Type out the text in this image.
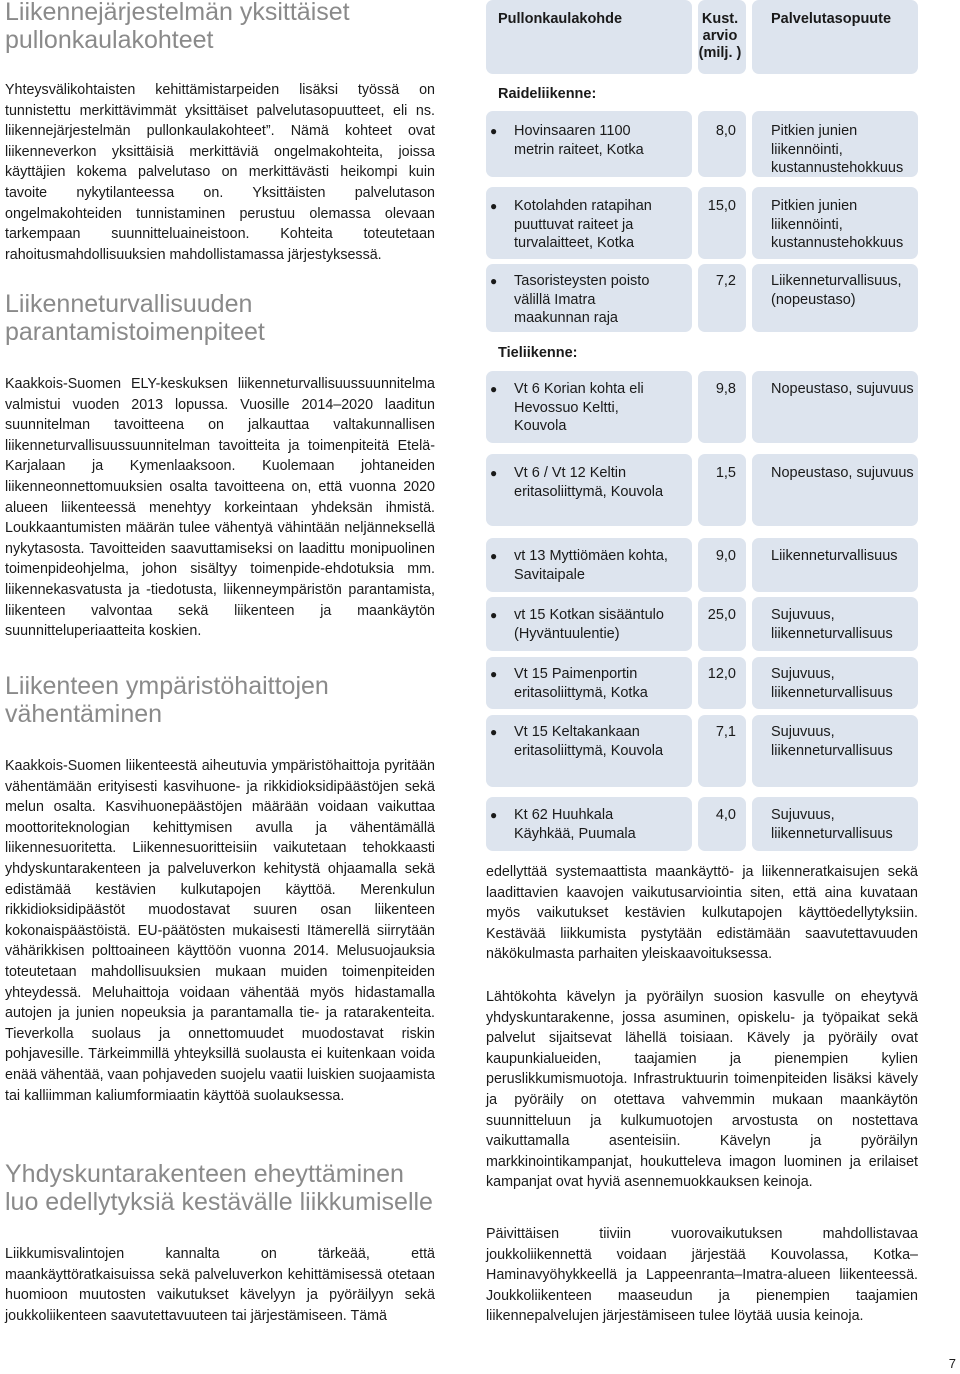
Liikennejärjestelmän yksittäiset pullonkaulakohteet

Yhteysvälikohtaisten kehittämistarpeiden lisäksi työssä on tunnistettu merkittävimmät yksittäiset palvelutasopuutteet, eli ns. liikennejärjestelmän pullonkaulakohteet”. Nämä kohteet ovat liikenneverkon yksittäisiä merkittäviä ongelmakohteita, joissa käyttäjien kokema palvelutaso on merkittävästi heikompi kuin tavoite nykytilanteessa on. Yksittäisten palvelutason ongelmakohteiden tunnistaminen perustuu olemassa olevaan tarkempaan suunnitteluaineistoon. Kohteita toteutetaan rahoitusmahdollisuuksien mahdollistamassa järjestyksessä.

Liikenneturvallisuuden parantamistoimenpiteet

Kaakkois-Suomen ELY-keskuksen liikenneturvallisuussuunnitelma valmistui vuoden 2013 lopussa. Vuosille 2014–2020 laaditun suunnitelman tavoitteena on jalkauttaa valtakunnallisen liikenneturvallisuussuunnitelman tavoitteita ja toimenpiteitä Etelä-Karjalaan ja Kymenlaaksoon. Kuolemaan johtaneiden liikenneonnettomuuksien osalta tavoitteena on, että vuonna 2020 alueen liikenteessä menehtyy korkeintaan yhdeksän ihmistä. Loukkaantumisten määrän tulee vähentyä vähintään neljänneksellä nykytasosta. Tavoitteiden saavuttamiseksi on laadittu monipuolinen toimenpideohjelma, johon sisältyy toimenpide-ehdotuksia mm. liikennekasvatusta ja -tiedotusta, liikenneympäristön parantamista, liikenteen valvontaa sekä liikenteen ja maankäytön suunnitteluperiaatteita koskien.

Liikenteen ympäristöhaittojen vähentäminen

Kaakkois-Suomen liikenteestä aiheutuvia ympäristöhaittoja pyritään vähentämään erityisesti kasvihuone- ja rikkidioksidipäästöjen sekä melun osalta. Kasvihuonepäästöjen määrään voidaan vaikuttaa moottoriteknologian kehittymisen avulla ja vähentämällä liikennesuoritetta. Liikennesuoritteisiin vaikutetaan tehokkaasti yhdyskuntarakenteen ja palveluverkon kehitystä ohjaamalla sekä edistämää kestävien kulkutapojen käyttöä. Merenkulun rikkidioksidipäästöt muodostavat suuren osan liikenteen kokonaispäästöistä. EU-päätösten mukaisesti Itämerellä siirrytään vähärikkisen polttoaineen käyttöön vuonna 2014. Melusuojauksia toteutetaan mahdollisuuksien mukaan muiden toimenpiteiden yhteydessä. Meluhaittoja voidaan vähentää myös hidastamalla autojen ja junien nopeuksia ja parantamalla tie- ja ratarakenteita. Tieverkolla suolaus ja onnettomuudet muodostavat riskin pohjavesille. Tärkeimmillä yhteyksillä suolausta ei kuitenkaan voida enää vähentää, vaan pohjaveden suojelu vaatii luiskien suojaamista tai kalliimman kaliumformiaatin käyttöä suolauksessa.

Yhdyskuntarakenteen eheyttäminen luo edellytyksiä kestävälle liikkumiselle

Liikkumisvalintojen kannalta on tärkeää, että maankäyttöratkaisuissa sekä palveluverkon kehittämisessä otetaan huomioon muutosten vaikutukset kävelyyn ja pyöräilyyn sekä joukkoliikenteen saavutettavuuteen tai järjestämiseen. Tämä

Pullonkaulakohde	Kust. arvio (milj. )
Palvelutasopuute
Raideliikenne:
● Hovinsaaren 1100 metrin raiteet, Kotka
8,0 Pitkien junien liikennöinti, kustannustehokkuus
● Kotolahden ratapihan puuttuvat raiteet ja turvalaitteet, Kotka
15,0 Pitkien junien liikennöinti, kustannustehokkuus
● Tasoristeysten poisto välillä Imatra maakunnan raja
7,2 Liikenneturvallisuus, (nopeustaso)
Tieliikenne:
● Vt 6 Korian kohta eli Hevossuo Keltti, Kouvola
9,8 Nopeustaso, sujuvuus
● Vt 6 / Vt 12 Keltin eritasoliittymä, Kouvola
1,5 Nopeustaso, sujuvuus
● vt 13 Myttiömäen kohta, Savitaipale
9,0 Liikenneturvallisuus
● vt 15 Kotkan sisääntulo (Hyväntuulentie)
25,0 Sujuvuus, liikenneturvallisuus
● Vt 15 Paimenportin eritasoliittymä, Kotka
12,0 Sujuvuus, liikenneturvallisuus
● Vt 15 Keltakankaan eritasoliittymä, Kouvola
7,1 Sujuvuus, liikenneturvallisuus
● Kt 62 Huuhkala Käyhkää, Puumala
4,0 Sujuvuus, liikenneturvallisuus

edellyttää systemaattista maankäyttö- ja liikenneratkaisujen sekä laadittavien kaavojen vaikutusarviointia siten, että aina kuvataan myös vaikutukset kestävien kulkutapojen käyttöedellytyksiin. Kestävää liikkumista pystytään edistämään saavutettavuuden näkökulmasta parhaiten yleiskaavoituksessa.

Lähtökohta kävelyn ja pyöräilyn suosion kasvulle on eheytyvä yhdyskuntarakenne, jossa asuminen, opiskelu- ja työpaikat sekä palvelut sijaitsevat lähellä toisiaan. Kävely ja pyöräily ovat kaupunkialueiden, taajamien ja pienempien kylien peruslikkumismuotoja. Infrastruktuurin toimenpiteiden lisäksi kävely ja pyöräily on otettava vahvemmin mukaan maankäytön suunnitteluun ja kulkumuotojen arvostusta on nostettava vaikuttamalla asenteisiin. Kävelyn ja pyöräilyn markkinointikampanjat, houkutteleva imagon luominen ja erilaiset kampanjat ovat hyviä asennemuokkauksen keinoja.

Päivittäisen tiiviin vuorovaikutuksen mahdollistavaa joukkoliikennettä voidaan järjestää Kouvolassa, Kotka–Haminavyöhykkeellä ja Lappeenranta–Imatra-alueen liikenteessä. Joukkoliikenteen maaseudun ja pienempien taajamien liikennepalvelujen järjestämiseen tulee löytää uusia keinoja.

7
